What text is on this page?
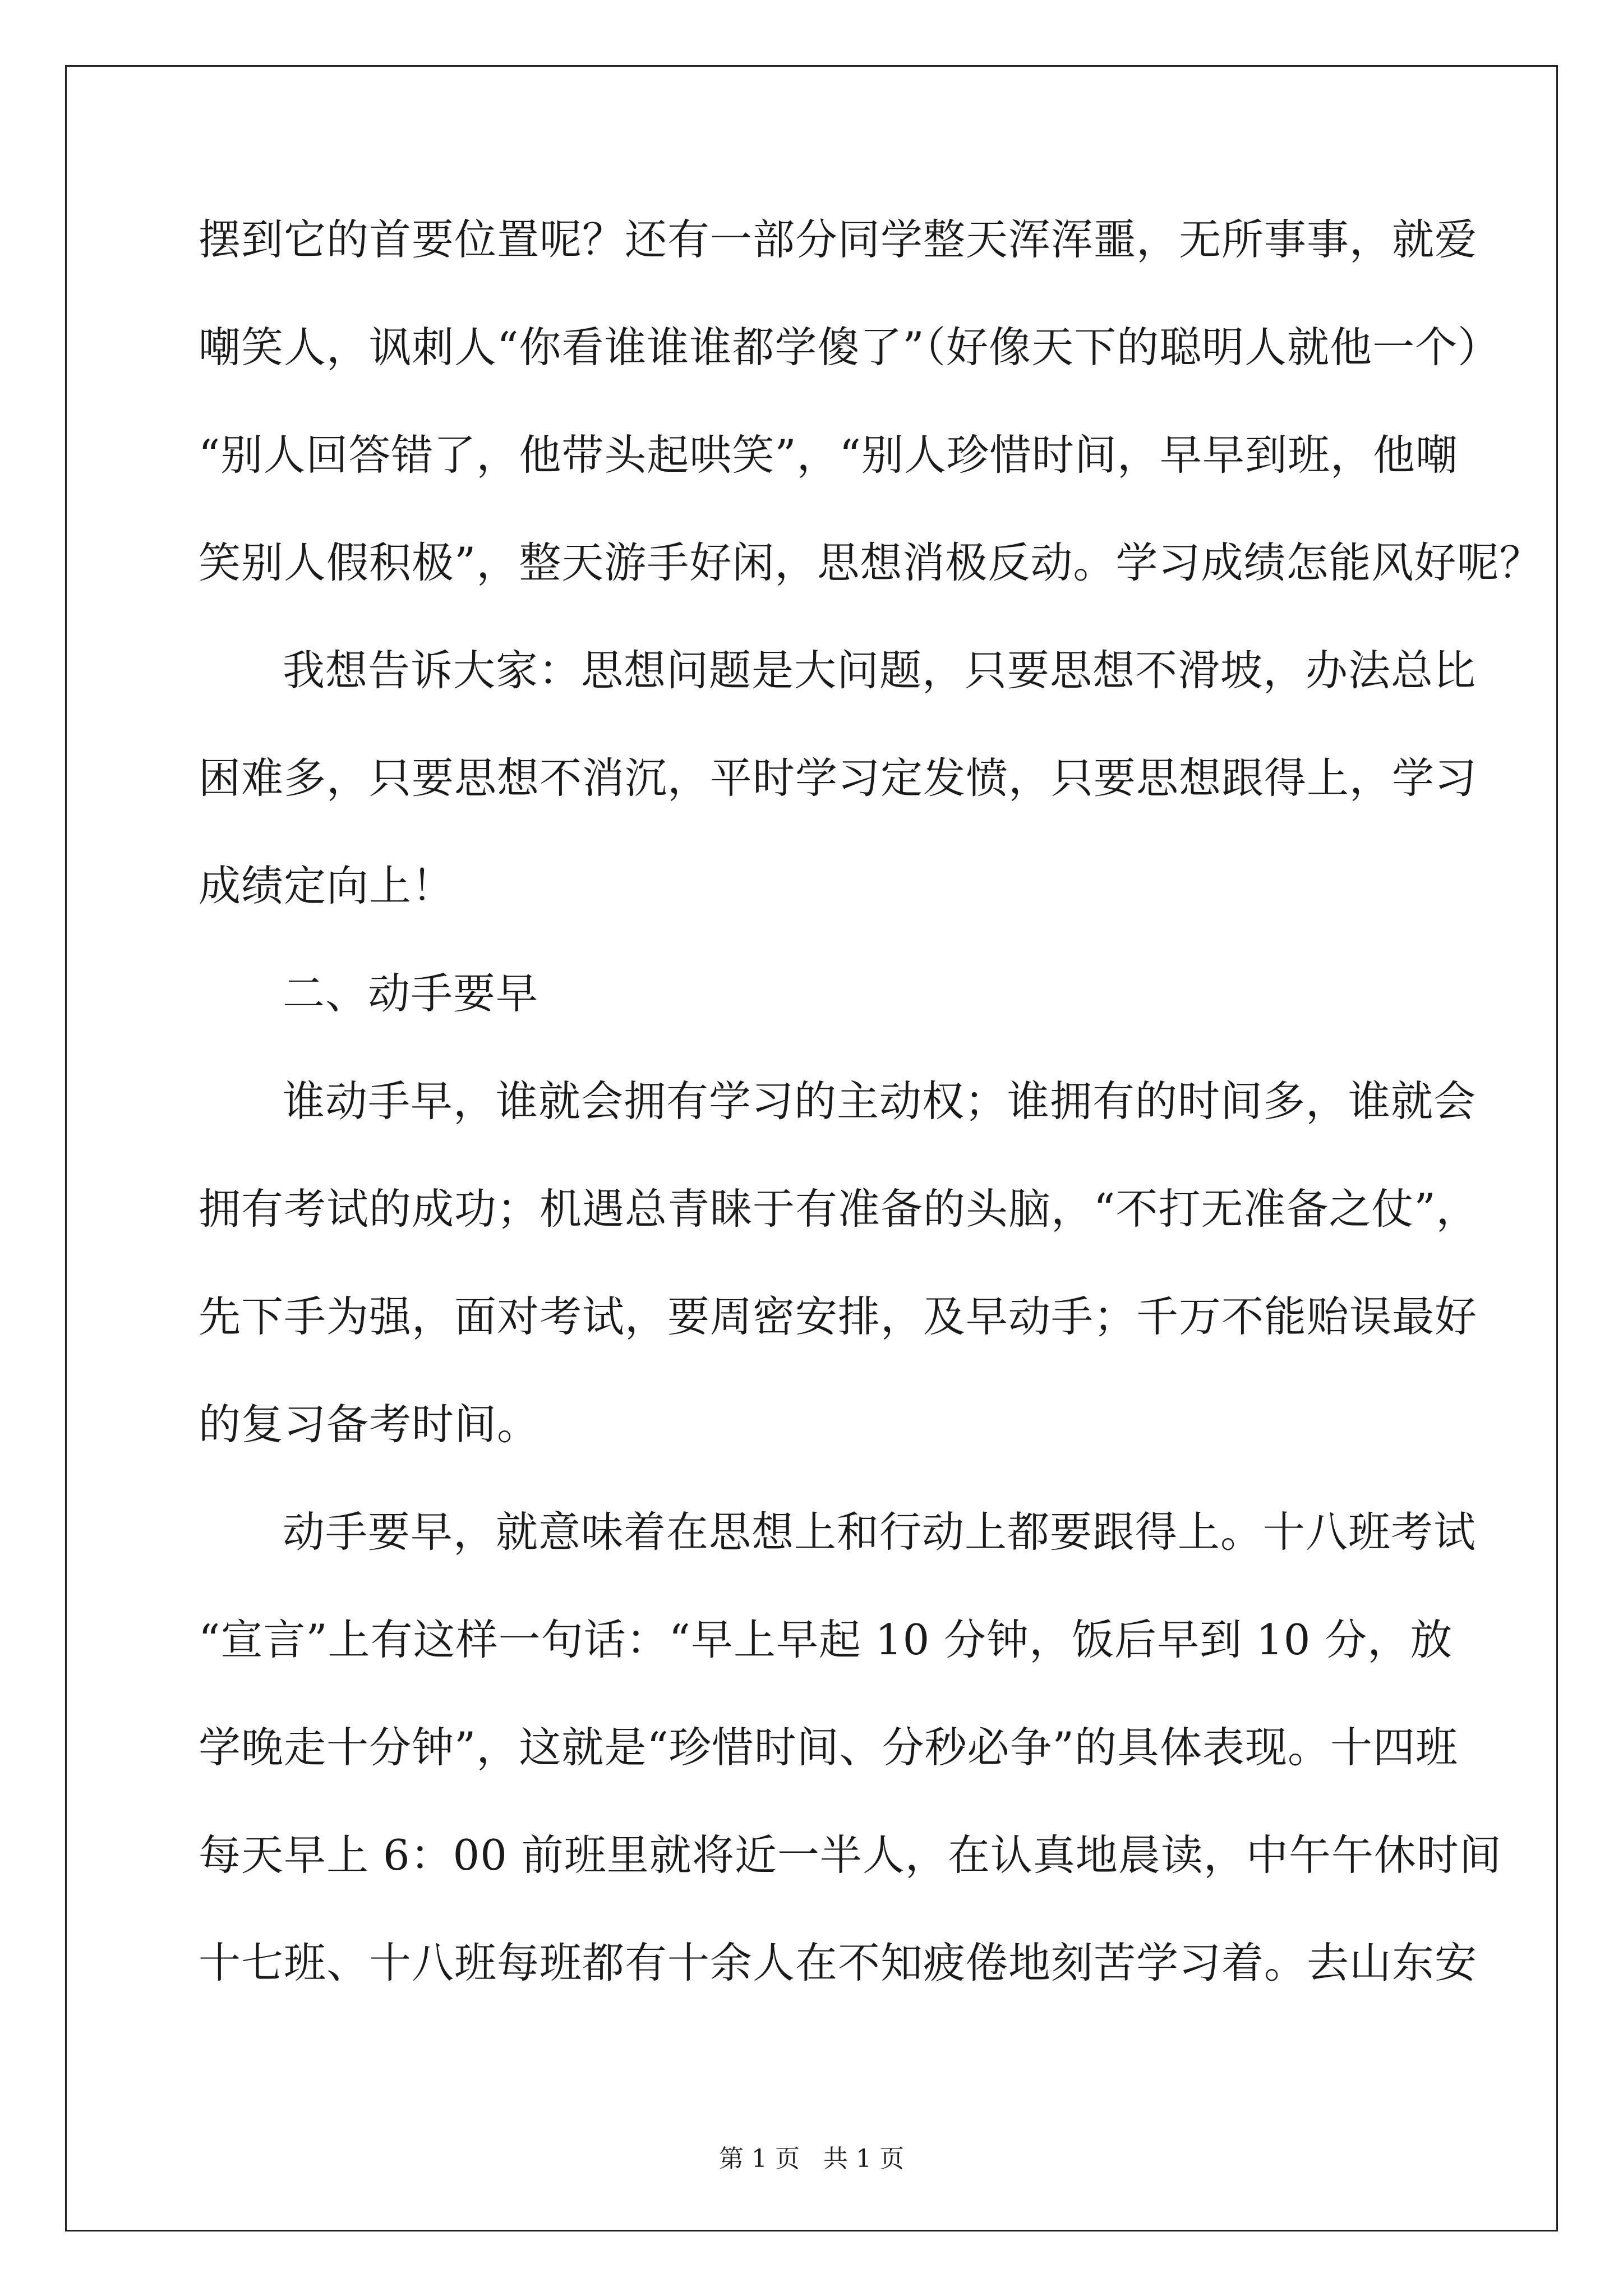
摆到它的首要位置呢？还有一部分同学整天浑浑噩，无所事事，就爱
嘲笑人，讽刺人“你看谁谁谁都学傻了”（好像天下的聪明人就他一个）
“别人回答错了，他带头起哄笑”，“别人珍惜时间，早早到班，他嘲
笑别人假积极”，整天游手好闲，思想消极反动。学习成绩怎能风好呢？
我想告诉大家：思想问题是大问题，只要思想不滑坡，办法总比
困难多，只要思想不消沉，平时学习定发愤，只要思想跟得上，学习
成绩定向上！
二、动手要早
谁动手早，谁就会拥有学习的主动权；谁拥有的时间多，谁就会
拥有考试的成功；机遇总青睐于有准备的头脑，“不打无准备之仗”，
先下手为强，面对考试，要周密安排，及早动手；千万不能贻误最好
的复习备考时间。
动手要早，就意味着在思想上和行动上都要跟得上。十八班考试
“宣言”上有这样一句话：“早上早起 10 分钟，饭后早到 10 分，放
学晚走十分钟”，这就是“珍惜时间、分秒必争”的具体表现。十四班
每天早上 6：00 前班里就将近一半人，在认真地晨读，中午午休时间
十七班、十八班每班都有十余人在不知疲倦地刻苦学习着。去山东安
第 1 页   共 1 页
